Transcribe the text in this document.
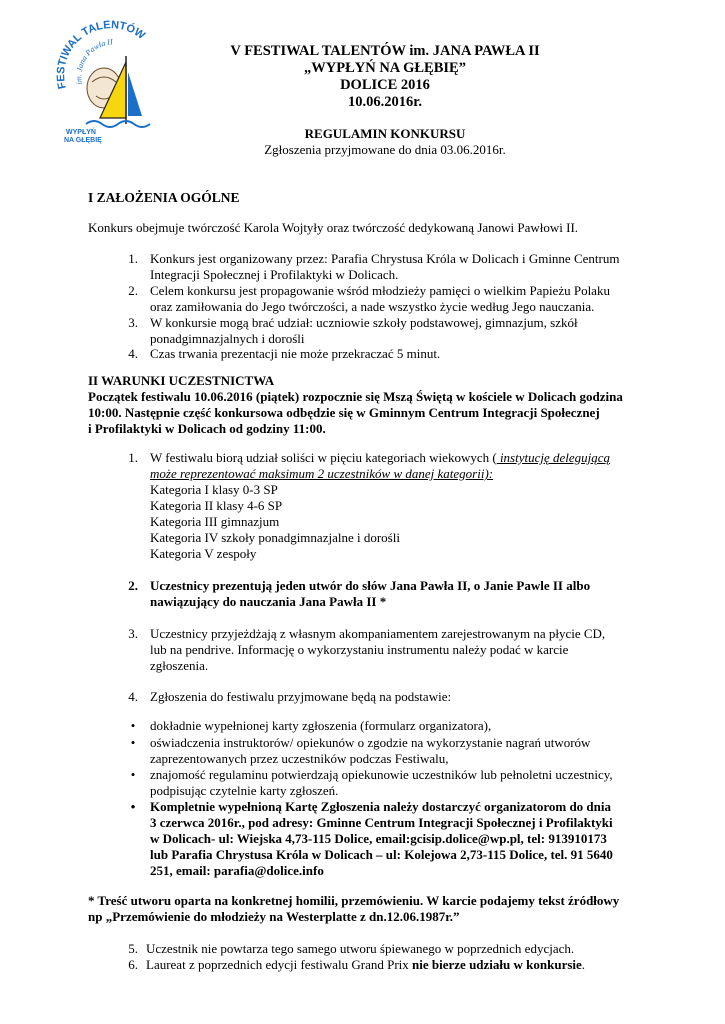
FESTIWAL TALENTÓW
im. Jana Pawła II
WYPŁYŃ
NA GŁĘBIĘ
V FESTIWAL TALENTÓW im. JANA PAWŁA II
„WYPŁYŃ NA GŁĘBIĘ”
DOLICE 2016
10.06.2016r.
REGULAMIN KONKURSU
Zgłoszenia przyjmowane do dnia 03.06.2016r.
I ZAŁOŻENIA OGÓLNE
Konkurs obejmuje twórczość Karola Wojtyły oraz twórczość dedykowaną Janowi Pawłowi II.
1. Konkurs jest organizowany przez: Parafia Chrystusa Króla w Dolicach i Gminne Centrum
Integracji Społecznej i Profilaktyki w Dolicach.
2. Celem konkursu jest propagowanie wśród młodzieży pamięci o wielkim Papieżu Polaku
oraz zamiłowania do Jego twórczości, a nade wszystko życie według Jego nauczania.
3. W konkursie mogą brać udział: uczniowie szkoły podstawowej, gimnazjum, szkół
ponadgimnazjalnych i dorośli
4. Czas trwania prezentacji nie może przekraczać 5 minut.
II WARUNKI UCZESTNICTWA
Początek festiwalu 10.06.2016 (piątek) rozpocznie się Mszą Świętą w kościele w Dolicach godzina
10:00. Następnie część konkursowa odbędzie się w Gminnym Centrum Integracji Społecznej
i Profilaktyki w Dolicach od godziny 11:00.
1. W festiwalu biorą udział soliści w pięciu kategoriach wiekowych ( instytucję delegującą
może reprezentować maksimum 2 uczestników w danej kategorii):
Kategoria I klasy 0-3 SP
Kategoria II klasy 4-6 SP
Kategoria III gimnazjum
Kategoria IV szkoły ponadgimnazjalne i dorośli
Kategoria V zespoły
2. Uczestnicy prezentują jeden utwór do słów Jana Pawła II, o Janie Pawle II albo
nawiązujący do nauczania Jana Pawła II *
3. Uczestnicy przyjeżdżają z własnym akompaniamentem zarejestrowanym na płycie CD,
lub na pendrive. Informację o wykorzystaniu instrumentu należy podać w karcie
zgłoszenia.
4. Zgłoszenia do festiwalu przyjmowane będą na podstawie:
• dokładnie wypełnionej karty zgłoszenia (formularz organizatora),
• oświadczenia instruktorów/ opiekunów o zgodzie na wykorzystanie nagrań utworów
zaprezentowanych przez uczestników podczas Festiwalu,
• znajomość regulaminu potwierdzają opiekunowie uczestników lub pełnoletni uczestnicy,
podpisując czytelnie karty zgłoszeń.
• Kompletnie wypełnioną Kartę Zgłoszenia należy dostarczyć organizatorom do dnia
3 czerwca 2016r., pod adresy: Gminne Centrum Integracji Społecznej i Profilaktyki
w Dolicach- ul: Wiejska 4,73-115 Dolice, email:gcisip.dolice@wp.pl, tel: 913910173
lub Parafia Chrystusa Króla w Dolicach – ul: Kolejowa 2,73-115 Dolice, tel. 91 5640
251, email: parafia@dolice.info
* Treść utworu oparta na konkretnej homilii, przemówieniu. W karcie podajemy tekst źródłowy
np „Przemówienie do młodzieży na Westerplatte z dn.12.06.1987r.”
5. Uczestnik nie powtarza tego samego utworu śpiewanego w poprzednich edycjach.
6. Laureat z poprzednich edycji festiwalu Grand Prix nie bierze udziału w konkursie.
